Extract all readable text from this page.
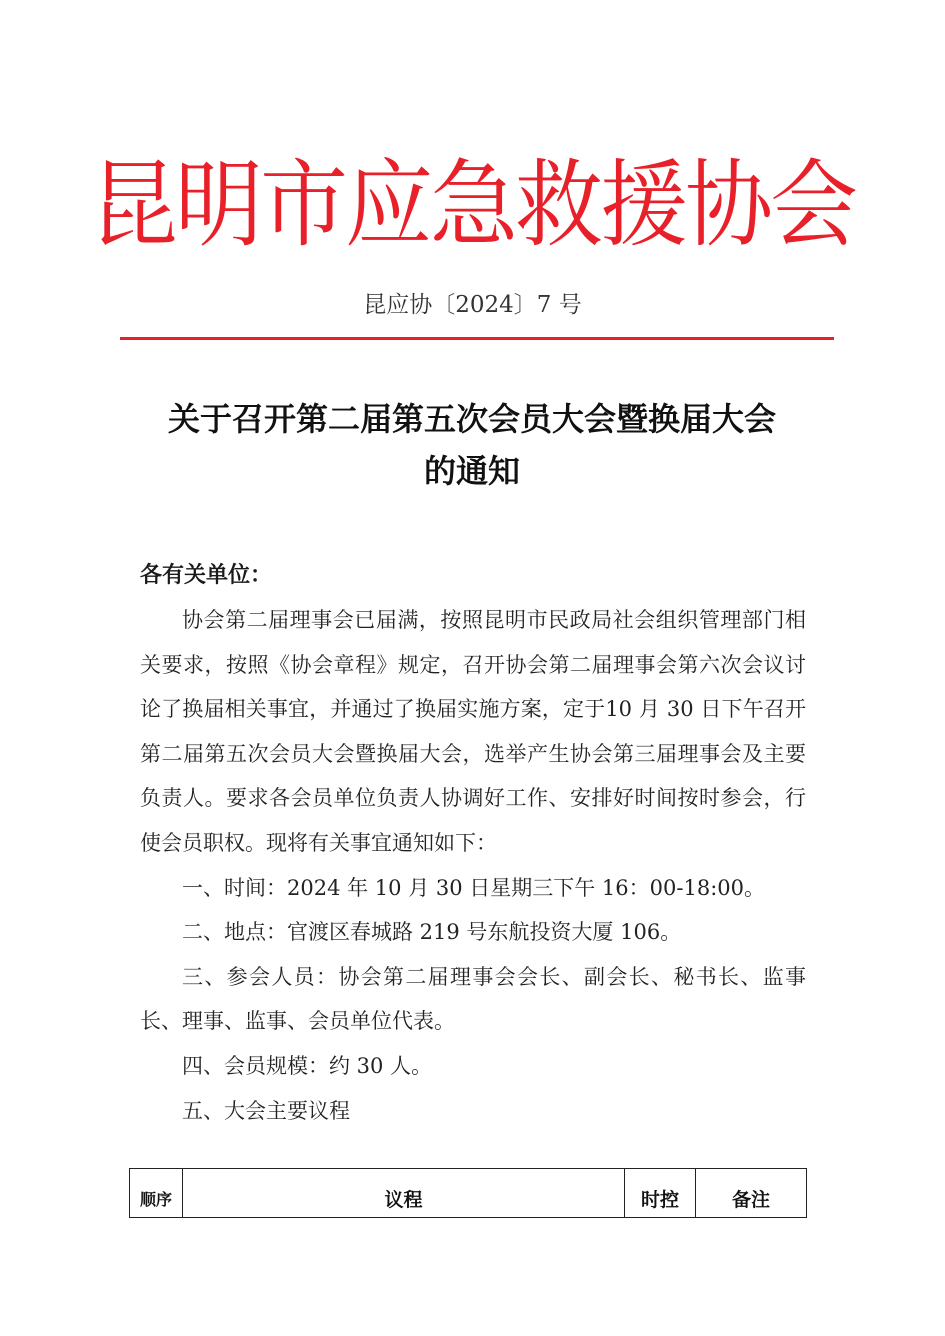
昆明市应急救援协会
昆应协〔2024〕7 号
关于召开第二届第五次会员大会暨换届大会
的通知
各有关单位：

协会第二届理事会已届满，按照昆明市民政局社会组织管理部门相关要求，按照《协会章程》规定，召开协会第二届理事会第六次会议讨论了换届相关事宜，并通过了换届实施方案，定于10 月 30 日下午召开第二届第五次会员大会暨换届大会，选举产生协会第三届理事会及主要负责人。要求各会员单位负责人协调好工作、安排好时间按时参会，行使会员职权。现将有关事宜通知如下：

一、时间：2024 年 10 月 30 日星期三下午 16：00-18:00。

二、地点：官渡区春城路 219 号东航投资大厦 106。

三、参会人员：协会第二届理事会会长、副会长、秘书长、监事长、理事、监事、会员单位代表。

四、会员规模：约 30 人。

五、大会主要议程

顺序	议程	时控	备注
